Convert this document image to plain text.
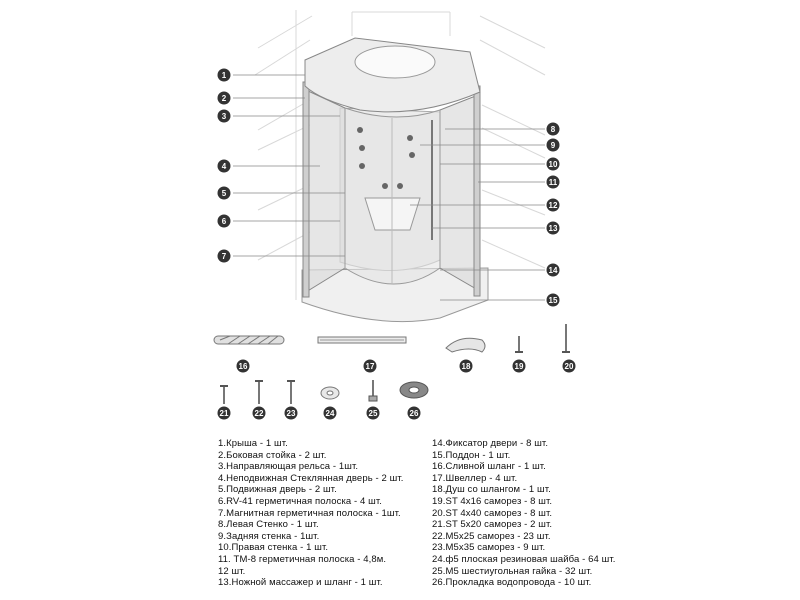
1
2
3
4
5
6
7
8
9
10
11
12
13
14
15
16	17	18	19	20
21	22	23	24	25	26
1.Крыша - 1 шт.
2.Боковая стойка - 2 шт.
3.Направляющая рельса - 1шт.
4.Неподвижная Стеклянная дверь - 2 шт.
5.Подвижная дверь - 2 шт.
6.RV-41 герметичная полоска - 4 шт.
7.Магнитная герметичная полоска - 1шт.
8.Левая Стенко - 1 шт.
9.Задняя стенка - 1шт.
10.Правая стенка - 1 шт.
11. ТМ-8 герметичная полоска - 4,8м.
12 шт.
13.Ножной массажер и шланг - 1 шт.
14.Фиксатор двери - 8 шт.
15.Поддон - 1 шт.
16.Сливной шланг - 1 шт.
17.Швеллер - 4 шт.
18.Душ со шлангом - 1 шт.
19.ST 4x16 саморез - 8 шт.
20.ST 4x40 саморез - 8 шт.
21.ST 5x20 саморез - 2 шт.
22.M5x25 саморез - 23 шт.
23.M5x35 саморез - 9 шт.
24.ф5 плоская резиновая шайба - 64 шт.
25.M5 шестиугольная гайка - 32 шт.
26.Прокладка водопровода - 10 шт.
